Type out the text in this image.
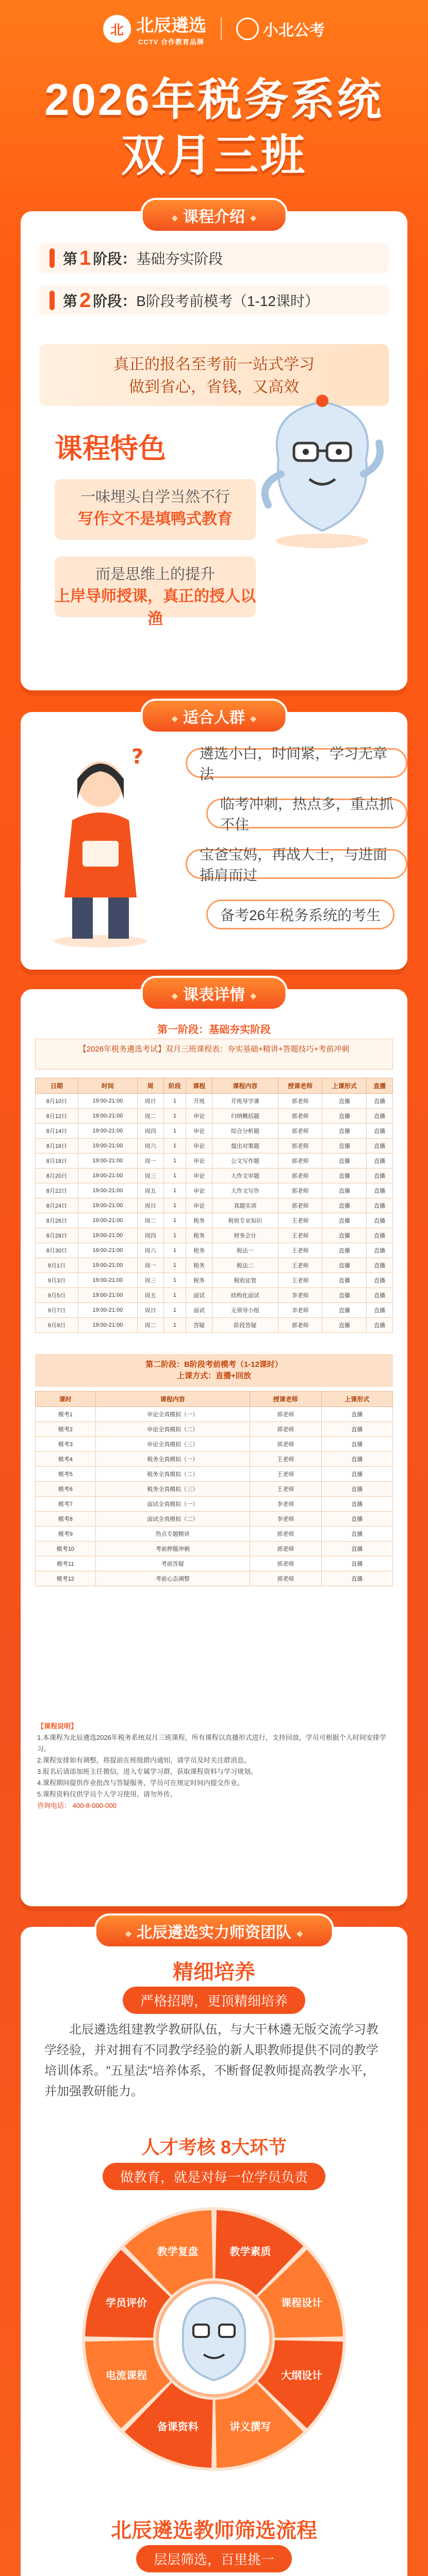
北 北辰遴选
CCTV 合作教育品牌
小北公考
2026年税务系统
双月三班
◆ 课程介绍 ◆
第 1 阶段： 基础夯实阶段
第 2 阶段： B阶段考前模考（1-12课时）
真正的报名至考前一站式学习
做到省心，省钱，又高效
课程特色
一味埋头自学当然不行
写作文不是填鸭式教育
而是思维上的提升
上岸导师授课，真正的授人以渔
◆ 适合人群 ◆
?	遴选小白，时间紧，学习无章法
临考冲刺，热点多，重点抓不住
宝爸宝妈，再战人士，与进面插肩而过
备考26年税务系统的考生
◆ 课表详情 ◆
第一阶段：基础夯实阶段
【2026年税务遴选考试】双月三班课程表：夯实基础+精讲+答题技巧+考前冲刺
日期	时间	周	阶段	课程	课程内容	授课老师	上课形式	直播
8月10日	19:00-21:00	周日	1	开班	开班导学课	郭老师	直播	直播
8月12日	19:00-21:00	周二	1	申论	归纳概括题	郭老师	直播	直播
8月14日	19:00-21:00	周四	1	申论	综合分析题	郭老师	直播	直播
8月16日	19:00-21:00	周六	1	申论	提出对策题	郭老师	直播	直播
8月18日	19:00-21:00	周一	1	申论	公文写作题	郭老师	直播	直播
8月20日	19:00-21:00	周三	1	申论	大作文审题	郭老师	直播	直播
8月22日	19:00-21:00	周五	1	申论	大作文写作	郭老师	直播	直播
8月24日	19:00-21:00	周日	1	申论	真题实训	郭老师	直播	直播
8月26日	19:00-21:00	周二	1	税务	税收专业知识	王老师	直播	直播
8月28日	19:00-21:00	周四	1	税务	财务会计	王老师	直播	直播
8月30日	19:00-21:00	周六	1	税务	税法一	王老师	直播	直播
9月1日	19:00-21:00	周一	1	税务	税法二	王老师	直播	直播
9月3日	19:00-21:00	周三	1	税务	税收征管	王老师	直播	直播
9月5日	19:00-21:00	周五	1	面试	结构化面试	李老师	直播	直播
9月7日	19:00-21:00	周日	1	面试	无领导小组	李老师	直播	直播
9月9日	19:00-21:00	周二	1	答疑	阶段答疑	郭老师	直播	直播
第二阶段：B阶段考前模考（1-12课时）
上课方式：直播+回放
课时	课程内容	授课老师	上课形式
模考1	申论全真模拟（一）	郭老师	直播
模考2	申论全真模拟（二）	郭老师	直播
模考3	申论全真模拟（三）	郭老师	直播
模考4	税务全真模拟（一）	王老师	直播
模考5	税务全真模拟（二）	王老师	直播
模考6	税务全真模拟（三）	王老师	直播
模考7	面试全真模拟（一）	李老师	直播
模考8	面试全真模拟（二）	李老师	直播
模考9	热点专题精讲	郭老师	直播
模考10	考前押题冲刺	郭老师	直播
模考11	考前答疑	郭老师	直播
模考12	考前心态调整	郭老师	直播
【课程说明】
1.本课程为北辰遴选2026年税务系统双月三班课程，所有课程以直播形式进行，支持回放，学员可根据个人时间安排学习。
2.课程安排如有调整，将提前在班级群内通知，请学员及时关注群消息。
3.报名后请添加班主任微信，进入专属学习群，获取课程资料与学习规划。
4.课程期间提供作业批改与答疑服务，学员可在规定时间内提交作业。
5.课程资料仅供学员个人学习使用，请勿外传。
咨询电话： 400-8-000-000
◆ 北辰遴选实力师资团队 ◆
精细培养
严格招聘，更顶精细培养
北辰遴选组建教学教研队伍，与大干林遴无版交流学习教学经验，并对拥有不同教学经验的新人职教师提供不同的教学培训体系。"五星法"培养体系，不断督促教师提高教学水平，并加强教研能力。
人才考核 8大环节
做教育，就是对每一位学员负责
教学素质
课程设计
大纲设计
讲义撰写
备课资料
电流课程
学员评价
教学复盘
北辰遴选教师筛选流程
层层筛选，百里挑一
